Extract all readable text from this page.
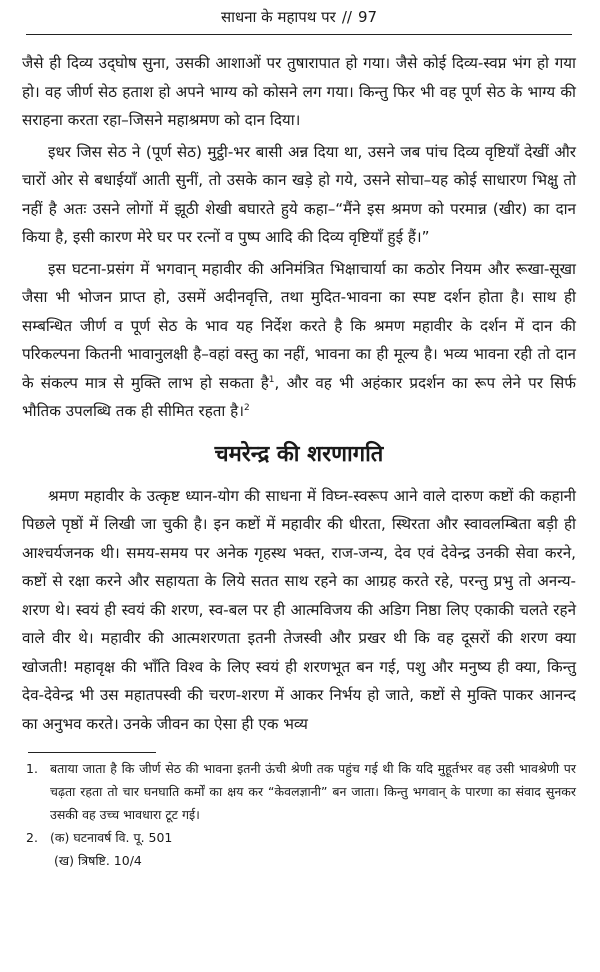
साधना के महापथ पर // 97

जैसे ही दिव्य उद्‌घोष सुना, उसकी आशाओं पर तुषारापात हो गया। जैसे कोई दिव्य-स्वप्न भंग हो गया हो। वह जीर्ण सेठ हताश हो अपने भाग्य को कोसने लग गया। किन्तु फिर भी वह पूर्ण सेठ के भाग्य की सराहना करता रहा–जिसने महाश्रमण को दान दिया।

इधर जिस सेठ ने (पूर्ण सेठ) मुट्ठी-भर बासी अन्न दिया था, उसने जब पांच दिव्य वृष्टियाँ देखीं और चारों ओर से बधाईयाँ आती सुनीं, तो उसके कान खड़े हो गये, उसने सोचा–यह कोई साधारण भिक्षु तो नहीं है अतः उसने लोगों में झूठी शेखी बघारते हुये कहा–“मैंने इस श्रमण को परमान्न (खीर) का दान किया है, इसी कारण मेरे घर पर रत्नों व पुष्प आदि की दिव्य वृष्टियाँ हुई हैं।”

इस घटना-प्रसंग में भगवान् महावीर की अनिमंत्रित भिक्षाचार्या का कठोर नियम और रूखा-सूखा जैसा भी भोजन प्राप्त हो, उसमें अदीनवृत्ति, तथा मुदित-भावना का स्पष्ट दर्शन होता है। साथ ही सम्बन्धित जीर्ण व पूर्ण सेठ के भाव यह निर्देश करते है कि श्रमण महावीर के दर्शन में दान की परिकल्पना कितनी भावानुलक्षी है–वहां वस्तु का नहीं, भावना का ही मूल्य है। भव्य भावना रही तो दान के संकल्प मात्र से मुक्ति लाभ हो सकता है$^1$, और वह भी अहंकार प्रदर्शन का रूप लेने पर सिर्फ भौतिक उपलब्धि तक ही सीमित रहता है।$^2$

चमरेन्द्र की शरणागति

श्रमण महावीर के उत्कृष्ट ध्यान-योग की साधना में विघ्न-स्वरूप आने वाले दारुण कष्टों की कहानी पिछले पृष्ठों में लिखी जा चुकी है। इन कष्टों में महावीर की धीरता, स्थिरता और स्वावलम्बिता बड़ी ही आश्चर्यजनक थी। समय-समय पर अनेक गृहस्थ भक्त, राज-जन्य, देव एवं देवेन्द्र उनकी सेवा करने, कष्टों से रक्षा करने और सहायता के लिये सतत साथ रहने का आग्रह करते रहे, परन्तु प्रभु तो अनन्य-शरण थे। स्वयं ही स्वयं की शरण, स्व-बल पर ही आत्मविजय की अडिग निष्ठा लिए एकाकी चलते रहने वाले वीर थे। महावीर की आत्मशरणता इतनी तेजस्वी और प्रखर थी कि वह दूसरों की शरण क्या खोजती! महावृक्ष की भाँति विश्व के लिए स्वयं ही शरणभूत बन गई, पशु और मनुष्य ही क्या, किन्तु देव-देवेन्द्र भी उस महातपस्वी की चरण-शरण में आकर निर्भय हो जाते, कष्टों से मुक्ति पाकर आनन्द का अनुभव करते। उनके जीवन का ऐसा ही एक भव्य

1. बताया जाता है कि जीर्ण सेठ की भावना इतनी ऊंची श्रेणी तक पहुंच गई थी कि यदि मुहूर्तभर वह उसी भावश्रेणी पर चढ़ता रहता तो चार घनघाति कर्मों का क्षय कर “केवलज्ञानी” बन जाता। किन्तु भगवान् के पारणा का संवाद सुनकर उसकी वह उच्च भावधारा टूट गई।
2. (क) घटनावर्ष वि. पू. 501
(ख) त्रिषष्टि. 10/4
